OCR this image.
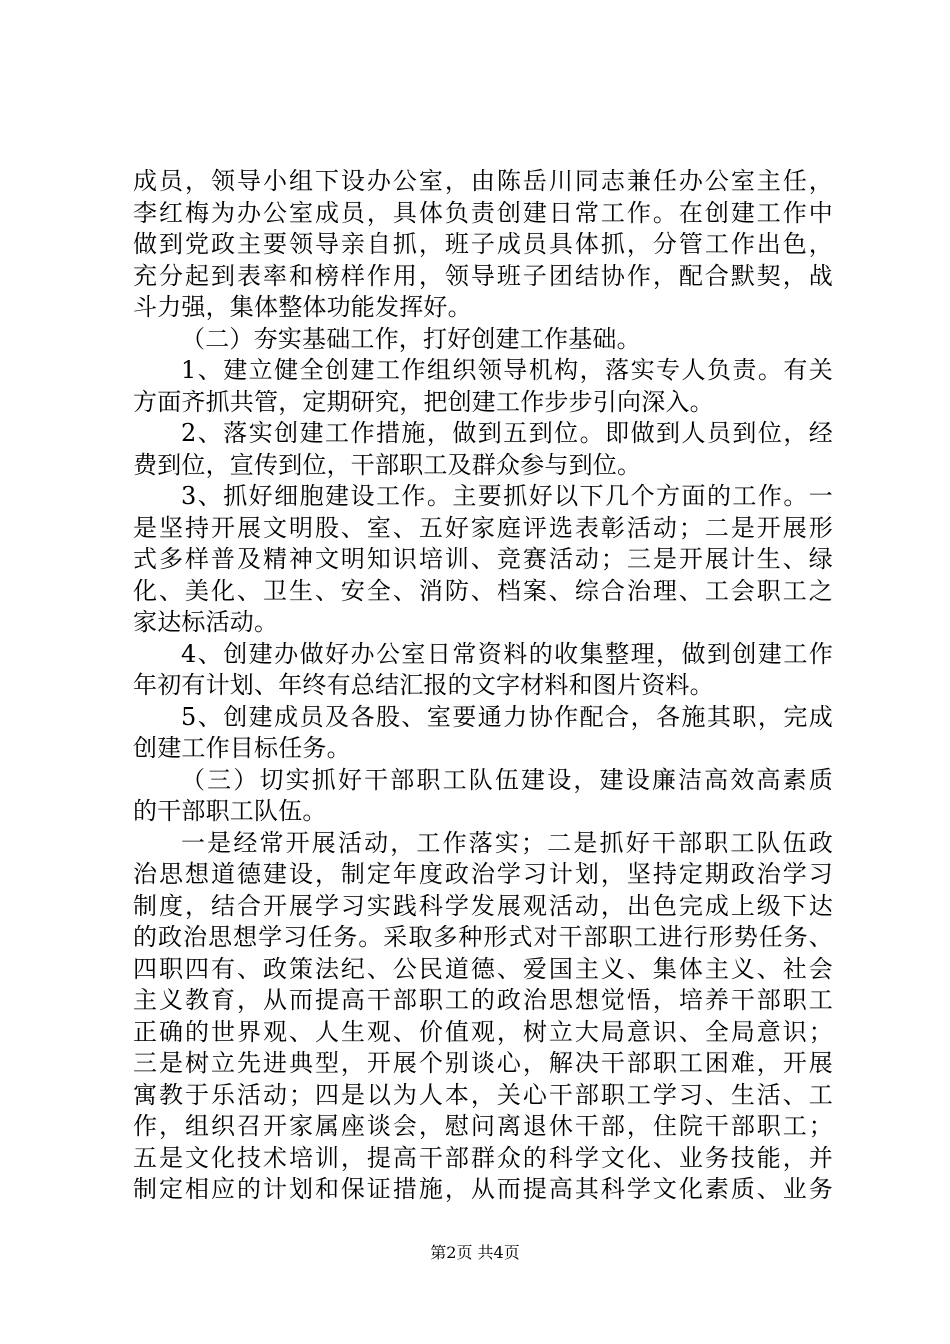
成员，领导小组下设办公室，由陈岳川同志兼任办公室主任，
李红梅为办公室成员，具体负责创建日常工作。在创建工作中
做到党政主要领导亲自抓，班子成员具体抓，分管工作出色，
充分起到表率和榜样作用，领导班子团结协作，配合默契，战
斗力强，集体整体功能发挥好。
（二）夯实基础工作，打好创建工作基础。
1、建立健全创建工作组织领导机构，落实专人负责。有关
方面齐抓共管，定期研究，把创建工作步步引向深入。
2、落实创建工作措施，做到五到位。即做到人员到位，经
费到位，宣传到位，干部职工及群众参与到位。
3、抓好细胞建设工作。主要抓好以下几个方面的工作。一
是坚持开展文明股、室、五好家庭评选表彰活动；二是开展形
式多样普及精神文明知识培训、竞赛活动；三是开展计生、绿
化、美化、卫生、安全、消防、档案、综合治理、工会职工之
家达标活动。
4、创建办做好办公室日常资料的收集整理，做到创建工作
年初有计划、年终有总结汇报的文字材料和图片资料。
5、创建成员及各股、室要通力协作配合，各施其职，完成
创建工作目标任务。
（三）切实抓好干部职工队伍建设，建设廉洁高效高素质
的干部职工队伍。
一是经常开展活动，工作落实；二是抓好干部职工队伍政
治思想道德建设，制定年度政治学习计划，坚持定期政治学习
制度，结合开展学习实践科学发展观活动，出色完成上级下达
的政治思想学习任务。采取多种形式对干部职工进行形势任务、
四职四有、政策法纪、公民道德、爱国主义、集体主义、社会
主义教育，从而提高干部职工的政治思想觉悟，培养干部职工
正确的世界观、人生观、价值观，树立大局意识、全局意识；
三是树立先进典型，开展个别谈心，解决干部职工困难，开展
寓教于乐活动；四是以为人本，关心干部职工学习、生活、工
作，组织召开家属座谈会，慰问离退休干部，住院干部职工；
五是文化技术培训，提高干部群众的科学文化、业务技能，并
制定相应的计划和保证措施，从而提高其科学文化素质、业务
第2页 共4页
